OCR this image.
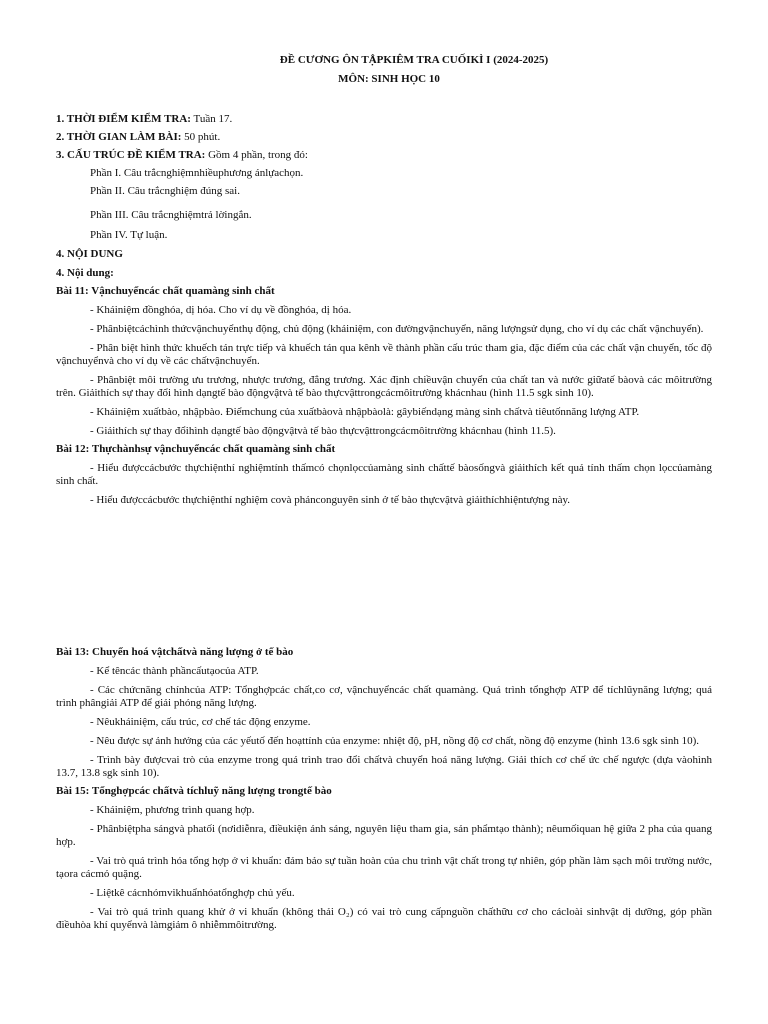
ĐỀ CƯƠNG ÔN TẬPKIÊM TRA CUỐIKÌ I (2024-2025)
MÔN: SINH HỌC 10

1. THỜI ĐIỂM KIỂM TRA: Tuần 17.

2. THỜI GIAN LÀM BÀI: 50 phút.

3. CẤU TRÚC ĐỀ KIỂM TRA: Gồm 4 phần, trong đó:

Phần I. Câu trắcnghiệmnhiềuphương ánlựachọn.

Phần II. Câu trắcnghiệm đúng sai.

Phần III. Câu trắcnghiệmtrả lờingắn.

Phần IV. Tự luận.

4. NỘI DUNG

4. Nội dung:

Bài 11: Vậnchuyểncác chất quamàng sinh chất

- Kháiniệm đồnghóa, dị hóa. Cho ví dụ về đồnghóa, dị hóa.

- Phânbiệtcáchình thứcvậnchuyểnthụ động, chủ động (kháiniệm, con đườngvậnchuyển, năng lượngsử dụng, cho ví dụ các chất vậnchuyển).

- Phân biệt hình thức khuếch tán trực tiếp và khuếch tán qua kênh về thành phần cấu trúc tham gia, đặc điểm của các chất vận chuyển, tốc độ vậnchuyểnvà cho ví dụ về các chấtvậnchuyển.

- Phânbiệt môi trường ưu trương, nhược trương, đẳng trương. Xác định chiềuvận chuyển của chất tan và nước giữatế bàovà các môitrường trên. Giảithích sự thay đổi hình dạngtế bào độngvậtvà tế bào thựcvậttrongcácmôitrường khácnhau (hình 11.5 sgk sinh 10).

- Kháiniệm xuấtbào, nhậpbào. Điểmchung của xuấtbàovà nhậpbàolà: gâybiếndạng màng sinh chấtvà tiêutốnnăng lượng ATP.

- Giảithích sự thay đổihình dạngtế bào độngvậtvà tế bào thựcvậttrongcácmôitrường khácnhau (hình 11.5).

Bài 12: Thựchànhsự vậnchuyểncác chất quamàng sinh chất

- Hiểu đượccácbước thựchiệnthí nghiệmtính thấmcó chọnlọccủamàng sinh chấttế bàosốngvà giảithích kết quả tính thấm chọn lọccủamàng sinh chất.

- Hiểu đượccácbước thựchiệnthí nghiệm covà phảnconguyên sinh ở tế bào thựcvậtvà giảithíchhiệntượng này.

Bài 13: Chuyển hoá vậtchấtvà năng lượng ở tế bào

- Kể têncác thành phầncấutạocủa ATP.

- Các chứcnăng chínhcủa ATP: Tổnghợpcác chất,co cơ, vậnchuyểncác chất quamàng. Quá trình tổnghợp ATP để tíchlũynăng lượng; quá trình phângiải ATP để giải phóng năng lượng.

- Nêukháiniệm, cấu trúc, cơ chế tác động enzyme.

- Nêu được sự ảnh hưởng của các yếutố đến hoạttính của enzyme: nhiệt độ, pH, nồng độ cơ chất, nồng độ enzyme (hình 13.6 sgk sinh 10).

- Trình bày đượcvai trò của enzyme trong quá trình trao đổi chấtvà chuyển hoá năng lượng. Giải thích cơ chế ức chế ngược (dựa vàohình 13.7, 13.8 sgk sinh 10).

Bài 15: Tổnghợpcác chấtvà tíchluỹ năng lượng trongtế bào

- Kháiniệm, phương trình quang hợp.

- Phânbiệtpha sángvà phatối (nơidiễnra, điềukiện ánh sáng, nguyên liệu tham gia, sản phẩmtạo thành); nêumốiquan hệ giữa 2 pha của quang hợp.

- Vai trò quá trình hóa tổng hợp ở vi khuẩn: đảm bảo sự tuần hoàn của chu trình vật chất trong tự nhiên, góp phần làm sạch môi trường nước, tạora cácmỏ quặng.

- Liệtkê cácnhómvikhuẩnhóatổnghợp chủ yếu.

- Vai trò quá trình quang khử ở vi khuẩn (không thải O₂) có vai trò cung cấpnguồn chấthữu cơ cho cácloài sinhvật dị dưỡng, góp phần điềuhòa khí quyểnvà làmgiảm ô nhiễmmôitrường.
